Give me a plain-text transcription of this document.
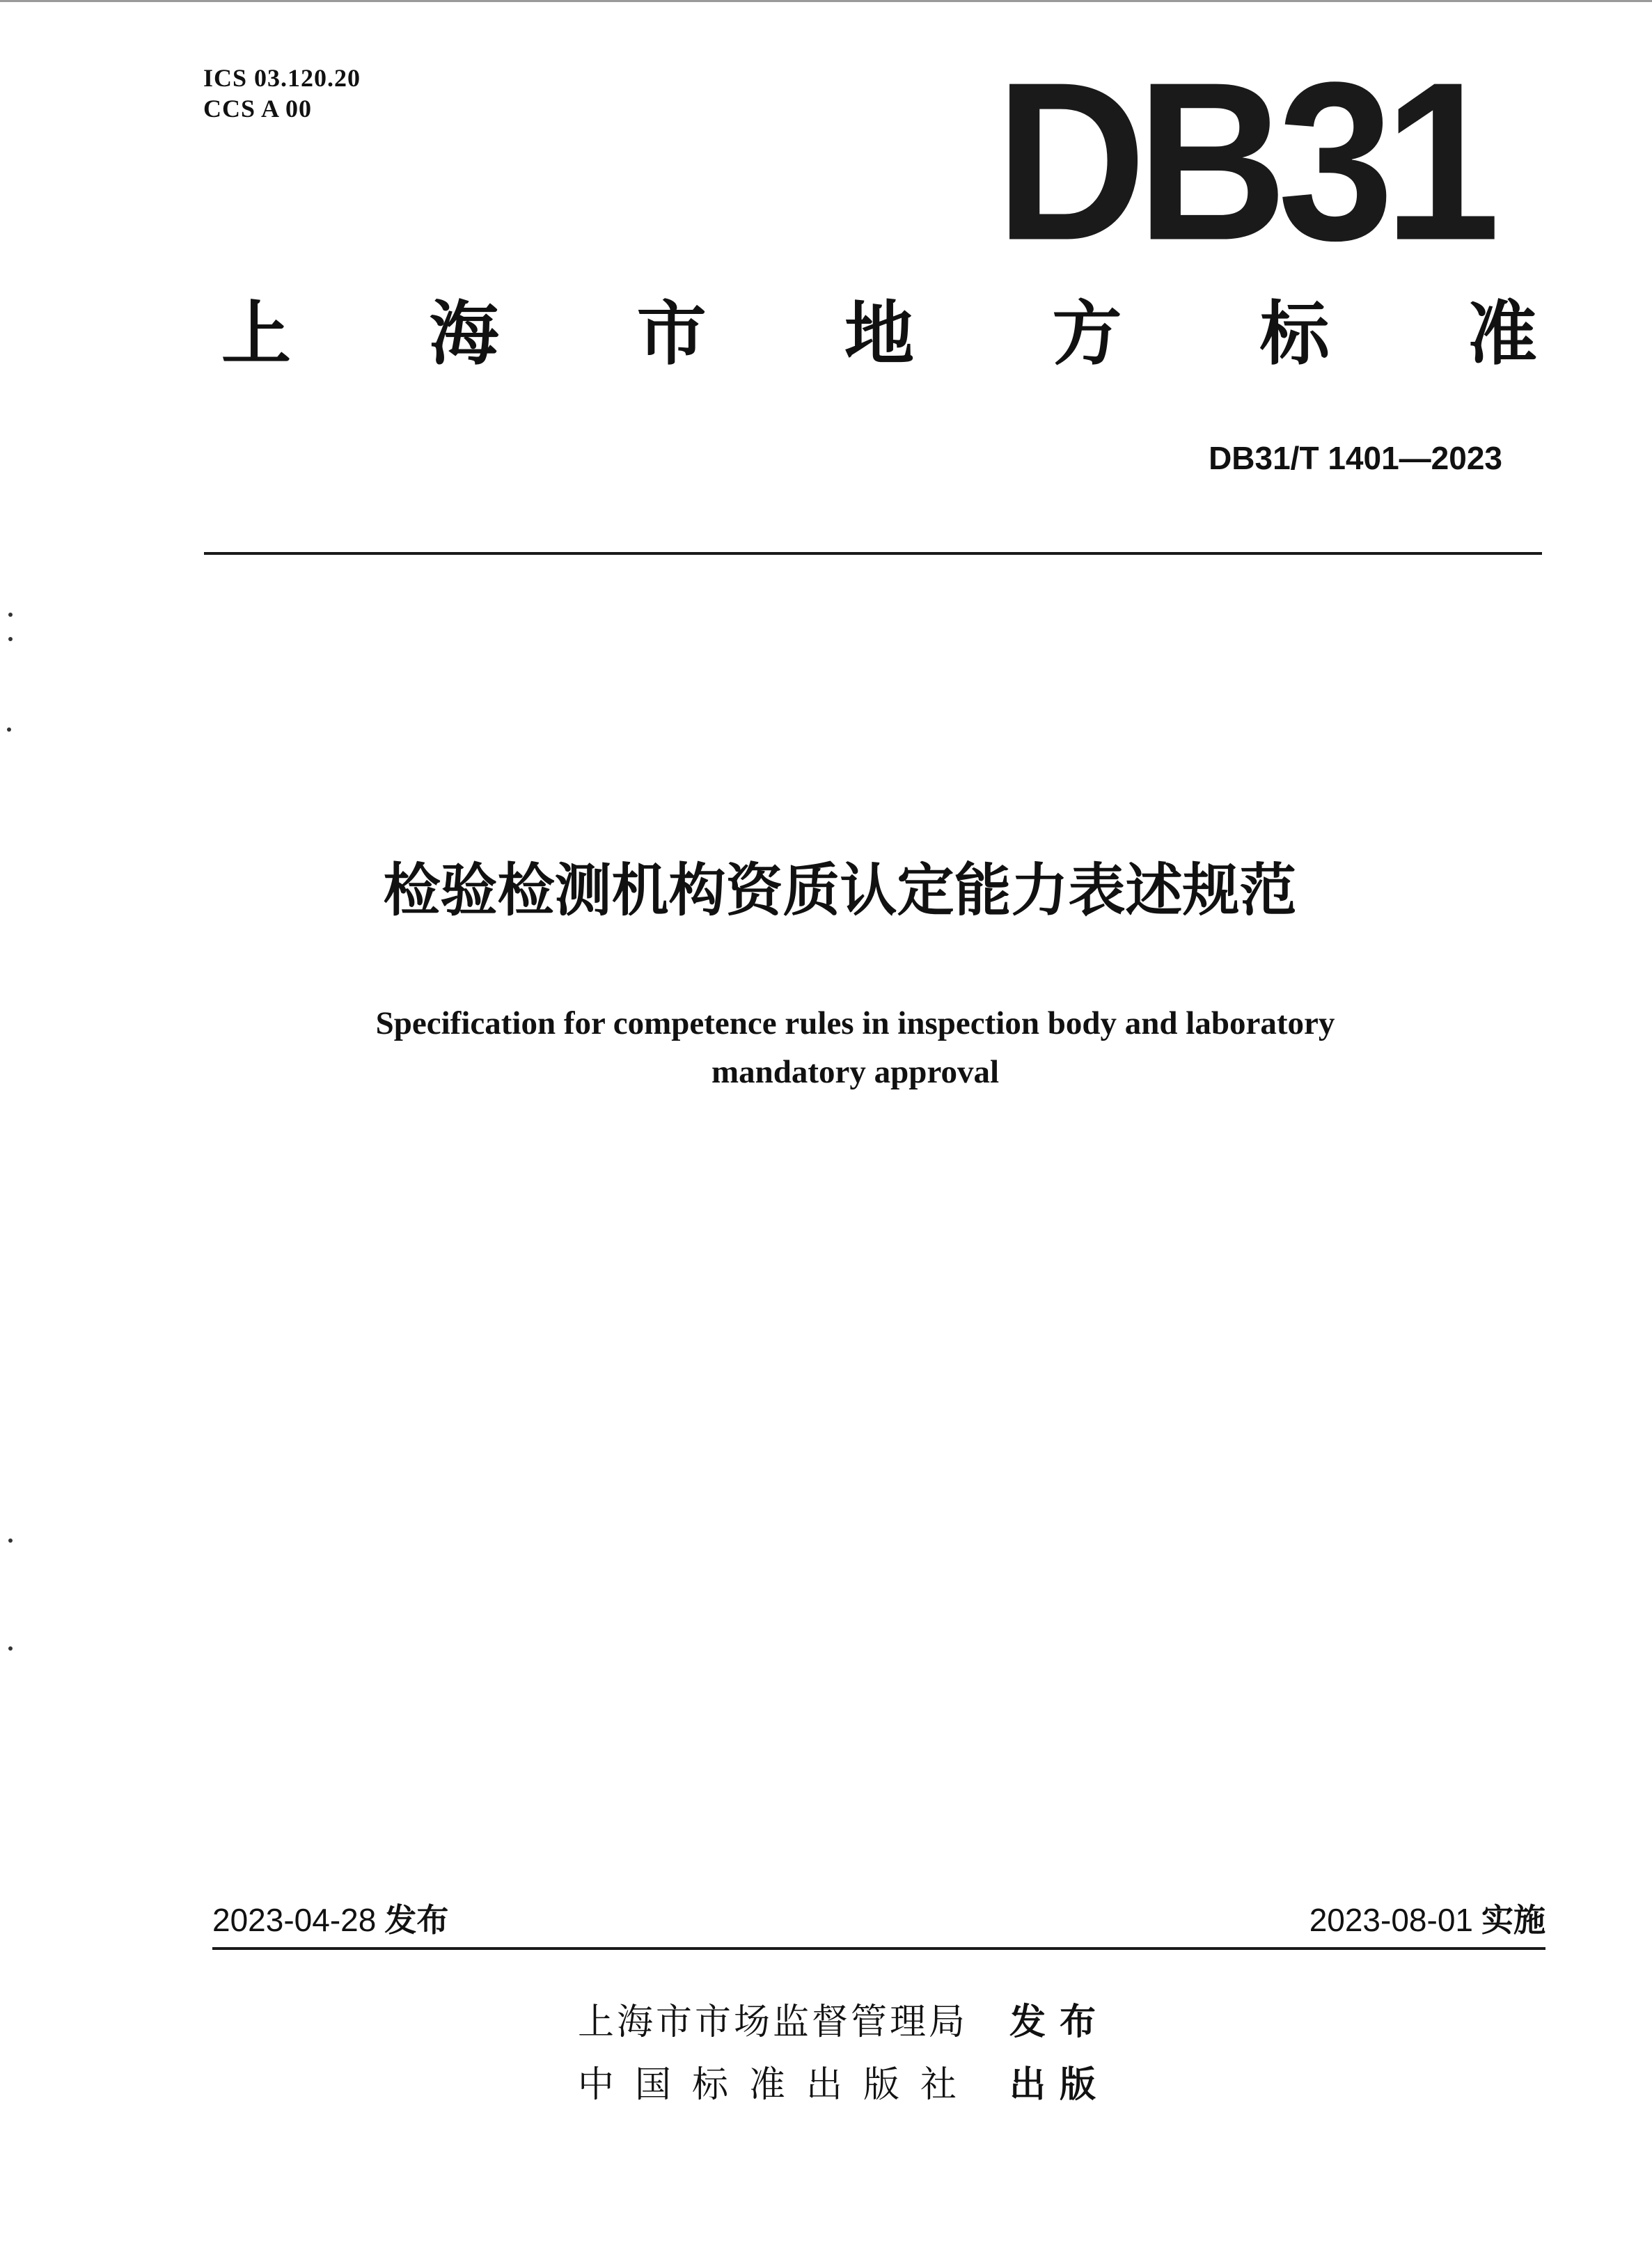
ICS 03.120.20
CCS A 00	DB31
上 海 市 地 方 标 准
DB31/T 1401—2023
检验检测机构资质认定能力表述规范
Specification for competence rules in inspection body and laboratory
mandatory approval
2023-04-28 发布	2023-08-01 实施
上海市市场监督管理局	发布
中国标准出版社 出版
